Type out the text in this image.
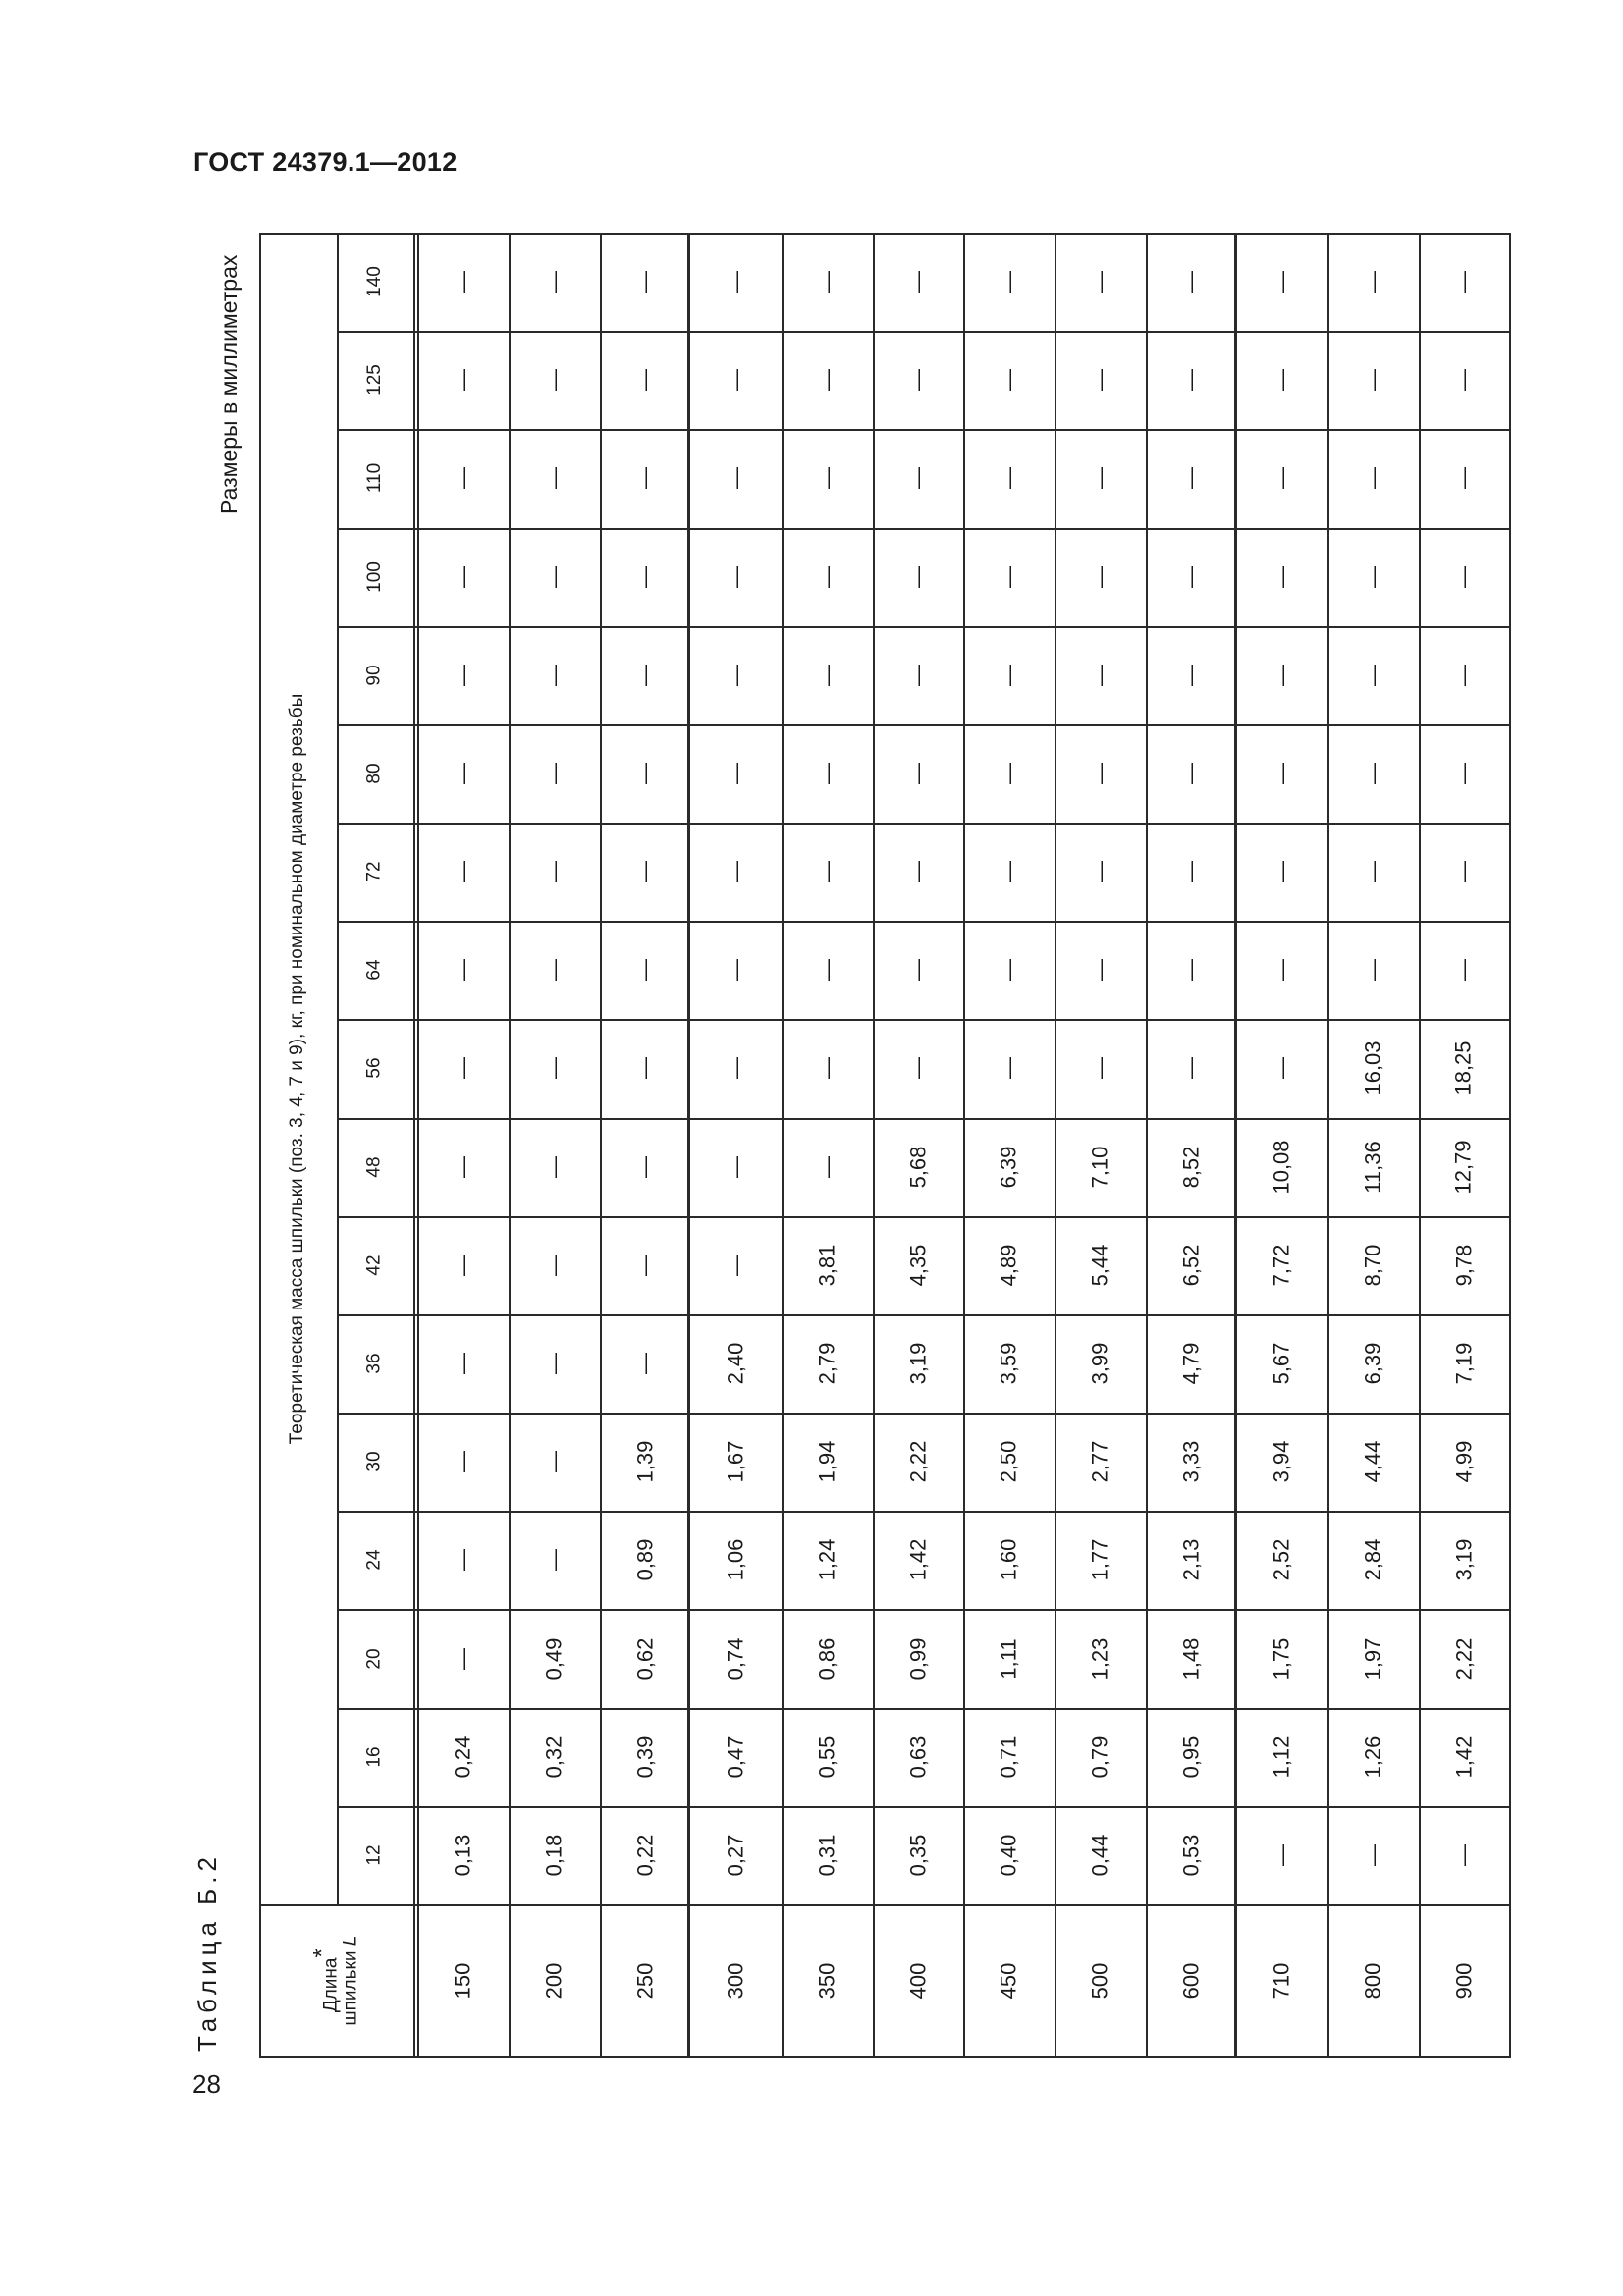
ГОСТ 24379.1—2012
Размеры в миллиметрах
Таблица Б.2
28
Теоретическая масса шпильки (поз. 3, 4, 7 и 9), кг, при номинальном диаметре резьбы
Длина* шпильки L
12
16
20
24
30
36
42
48
56
64
72
80
90
100
110
125
140
150
0,13
0,24
—
—
—
—
—
—
—
—
—
—
—
—
—
—
—
200
0,18
0,32
0,49
—
—
—
—
—
—
—
—
—
—
—
—
—
—
250
0,22
0,39
0,62
0,89
1,39
—
—
—
—
—
—
—
—
—
—
—
—
300
0,27
0,47
0,74
1,06
1,67
2,40
—
—
—
—
—
—
—
—
—
—
—
350
0,31
0,55
0,86
1,24
1,94
2,79
3,81
—
—
—
—
—
—
—
—
—
—
400
0,35
0,63
0,99
1,42
2,22
3,19
4,35
5,68
—
—
—
—
—
—
—
—
—
450
0,40
0,71
1,11
1,60
2,50
3,59
4,89
6,39
—
—
—
—
—
—
—
—
—
500
0,44
0,79
1,23
1,77
2,77
3,99
5,44
7,10
—
—
—
—
—
—
—
—
—
600
0,53
0,95
1,48
2,13
3,33
4,79
6,52
8,52
—
—
—
—
—
—
—
—
—
710
—
1,12
1,75
2,52
3,94
5,67
7,72
10,08
—
—
—
—
—
—
—
—
—
800
—
1,26
1,97
2,84
4,44
6,39
8,70
11,36
16,03
—
—
—
—
—
—
—
—
900
—
1,42
2,22
3,19
4,99
7,19
9,78
12,79
18,25
—
—
—
—
—
—
—
—
